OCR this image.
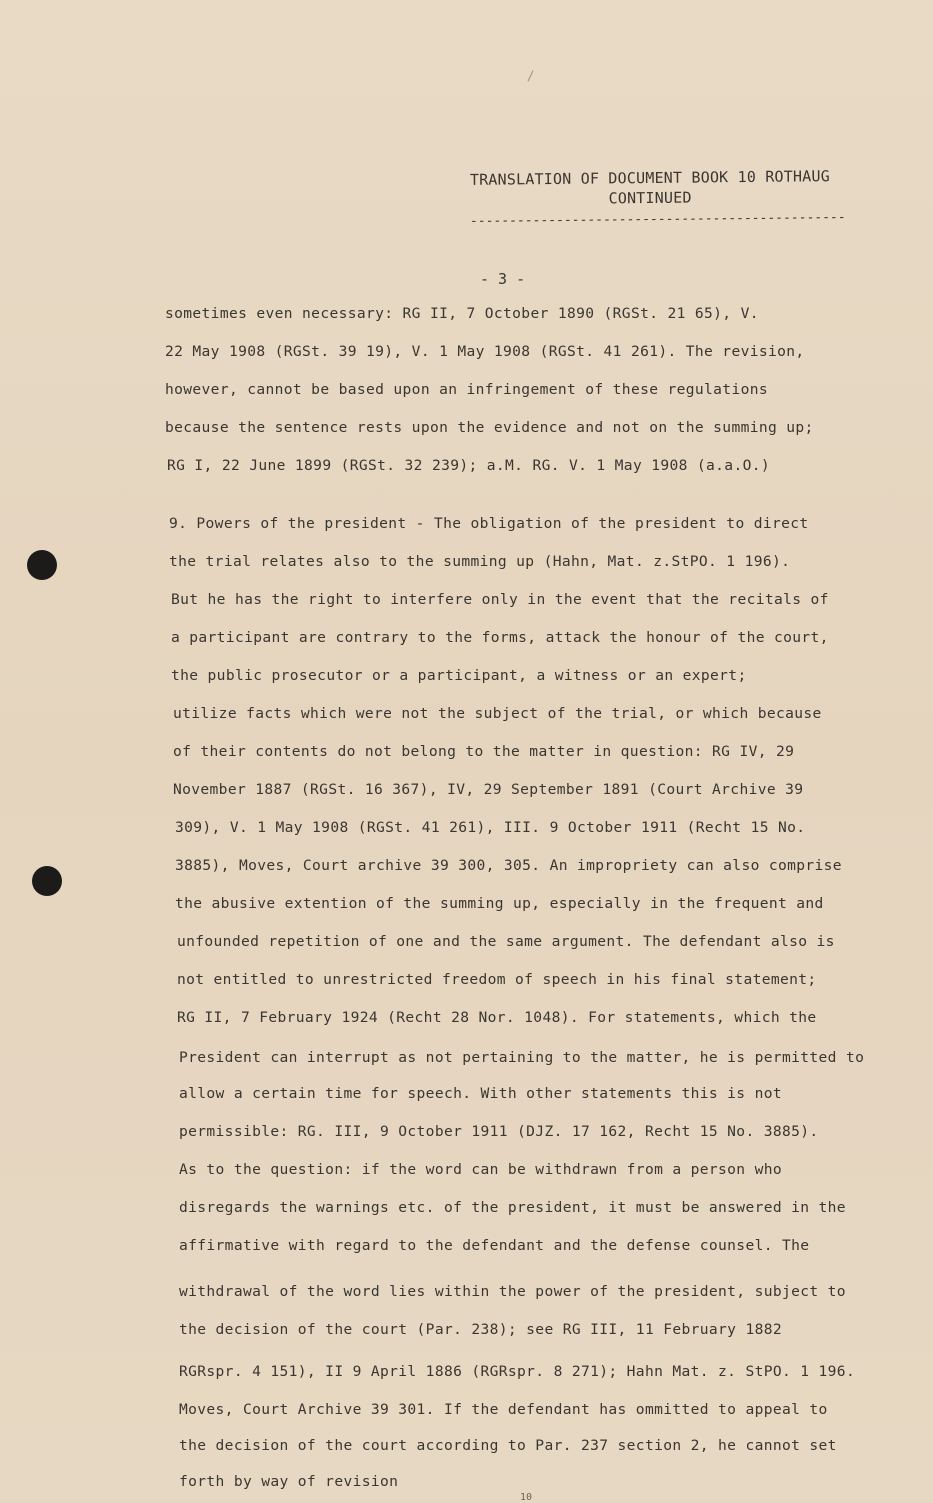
TRANSLATION OF DOCUMENT BOOK 10 ROTHAUG
CONTINUED
------------------------------------------------
- 3 -
sometimes even necessary: RG II, 7 October 1890 (RGSt. 21 65), V.
22 May 1908 (RGSt. 39 19), V. 1 May 1908 (RGSt. 41 261). The revision,
however, cannot be based upon an infringement of these regulations
because the sentence rests upon the evidence and not on the summing up;
RG I, 22 June 1899 (RGSt. 32 239); a.M. RG. V. 1 May 1908 (a.a.O.)
9. Powers of the president - The obligation of the president to direct
the trial relates also to the summing up (Hahn, Mat. z.StPO. 1 196).
But he has the right to interfere only in the event that the recitals of
a participant are contrary to the forms, attack the honour of the court,
the public prosecutor or a participant, a witness or an expert;
utilize facts which were not the subject of the trial, or which because
of their contents do not belong to the matter in question: RG IV, 29
November 1887 (RGSt. 16 367), IV, 29 September 1891 (Court Archive 39
309), V. 1 May 1908 (RGSt. 41 261), III. 9 October 1911 (Recht 15 No.
3885), Moves, Court archive 39 300, 305. An impropriety can also comprise
the abusive extention of the summing up, especially in the frequent and
unfounded repetition of one and the same argument. The defendant also is
not entitled to unrestricted freedom of speech in his final statement;
RG II, 7 February 1924 (Recht 28 Nor. 1048). For statements, which the
President can interrupt as not pertaining to the matter, he is permitted to
allow a certain time for speech. With other statements this is not
permissible: RG. III, 9 October 1911 (DJZ. 17 162, Recht 15 No. 3885).
As to the question: if the word can be withdrawn from a person who
disregards the warnings etc. of the president, it must be answered in the
affirmative with regard to the defendant and the defense counsel. The
withdrawal of the word lies within the power of the president, subject to
the decision of the court (Par. 238); see RG III, 11 February 1882
RGRspr. 4 151), II 9 April 1886 (RGRspr. 8 271); Hahn Mat. z. StPO. 1 196.
Moves, Court Archive 39 301. If the defendant has ommitted to appeal to
the decision of the court according to Par. 237 section 2, he cannot set
forth by way of revision
10
